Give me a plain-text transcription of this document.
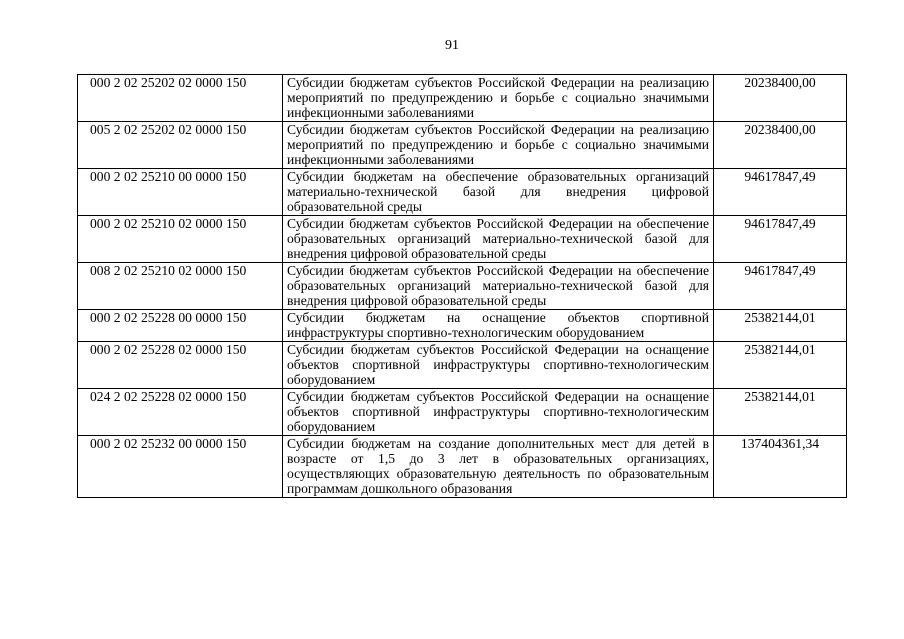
91
000 2 02 25202 02 0000 150	Субсидии бюджетам субъектов Российской Федерации на реализацию мероприятий по предупреждению и борьбе с социально значимыми инфекционными заболеваниями	20238400,00
005 2 02 25202 02 0000 150	Субсидии бюджетам субъектов Российской Федерации на реализацию мероприятий по предупреждению и борьбе с социально значимыми инфекционными заболеваниями	20238400,00
000 2 02 25210 00 0000 150	Субсидии бюджетам на обеспечение образовательных организаций материально-технической базой для внедрения цифровой образовательной среды	94617847,49
000 2 02 25210 02 0000 150	Субсидии бюджетам субъектов Российской Федерации на обеспечение образовательных организаций материально-технической базой для внедрения цифровой образовательной среды	94617847,49
008 2 02 25210 02 0000 150	Субсидии бюджетам субъектов Российской Федерации на обеспечение образовательных организаций материально-технической базой для внедрения цифровой образовательной среды	94617847,49
000 2 02 25228 00 0000 150	Субсидии бюджетам на оснащение объектов спортивной инфраструктуры спортивно-технологическим оборудованием	25382144,01
000 2 02 25228 02 0000 150	Субсидии бюджетам субъектов Российской Федерации на оснащение объектов спортивной инфраструктуры спортивно-технологическим оборудованием	25382144,01
024 2 02 25228 02 0000 150	Субсидии бюджетам субъектов Российской Федерации на оснащение объектов спортивной инфраструктуры спортивно-технологическим оборудованием	25382144,01
000 2 02 25232 00 0000 150	Субсидии бюджетам на создание дополнительных мест для детей в возрасте от 1,5 до 3 лет в образовательных организациях, осуществляющих образовательную деятельность по образовательным программам дошкольного образования	137404361,34
